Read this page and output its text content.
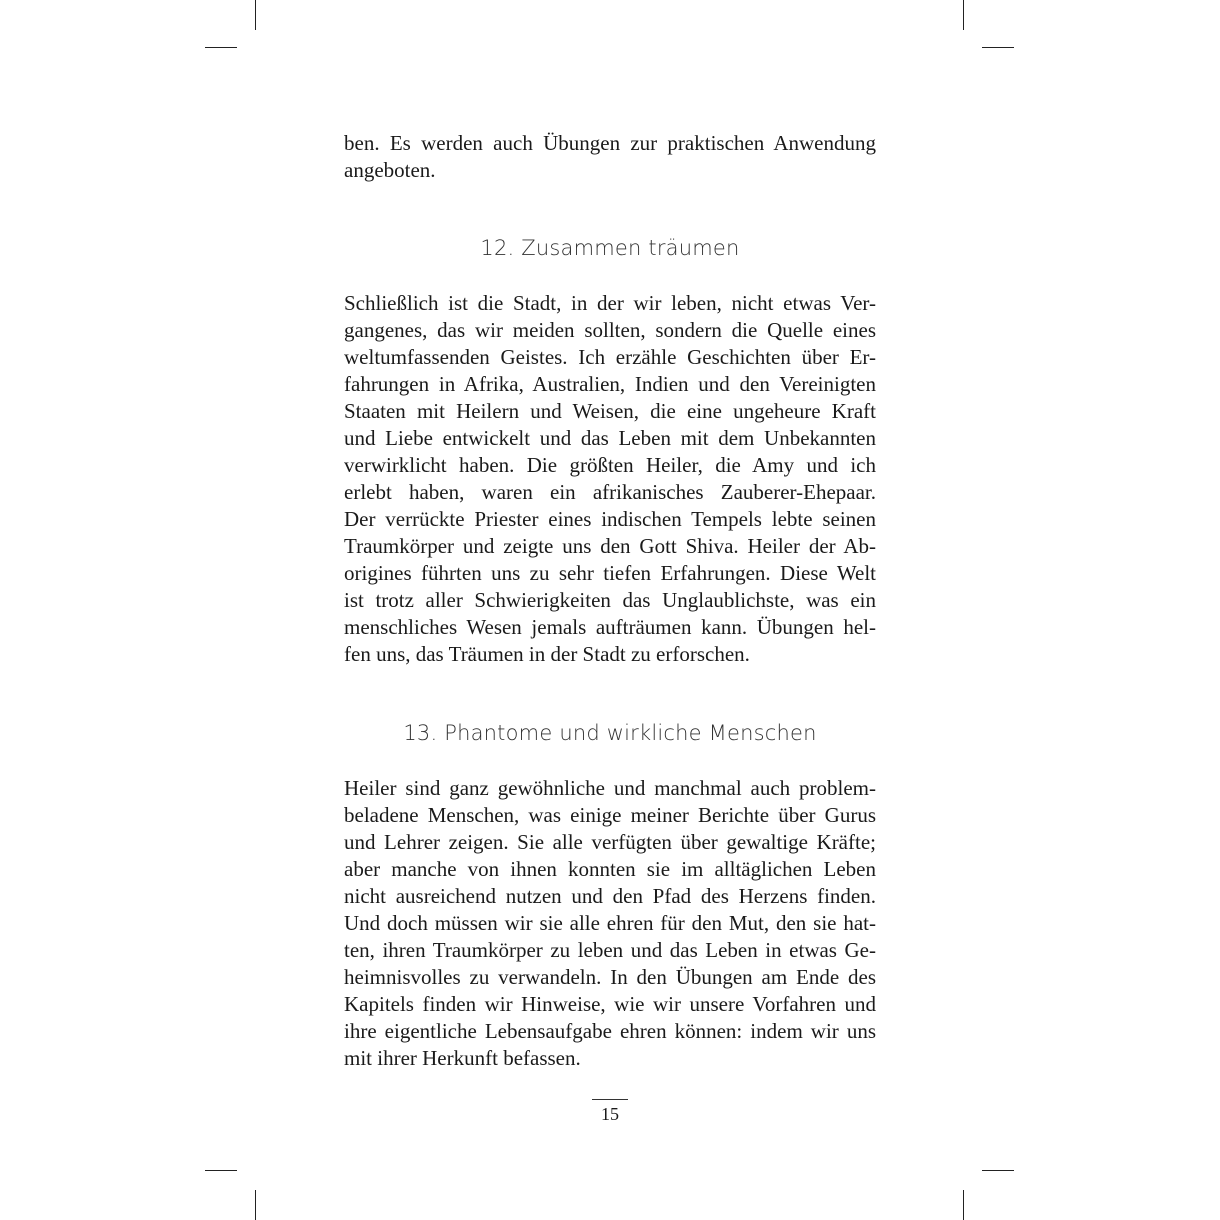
ben. Es werden auch Übungen zur praktischen Anwendung
angeboten.
12. Zusammen träumen
Schließlich ist die Stadt, in der wir leben, nicht etwas Ver-
gangenes, das wir meiden sollten, sondern die Quelle eines
weltumfassenden Geistes. Ich erzähle Geschichten über Er-
fahrungen in Afrika, Australien, Indien und den Vereinigten
Staaten mit Heilern und Weisen, die eine ungeheure Kraft
und Liebe entwickelt und das Leben mit dem Unbekannten
verwirklicht haben. Die größten Heiler, die Amy und ich
erlebt haben, waren ein afrikanisches Zauberer-Ehepaar.
Der verrückte Priester eines indischen Tempels lebte seinen
Traumkörper und zeigte uns den Gott Shiva. Heiler der Ab-
origines führten uns zu sehr tiefen Erfahrungen. Diese Welt
ist trotz aller Schwierigkeiten das Unglaublichste, was ein
menschliches Wesen jemals aufträumen kann. Übungen hel-
fen uns, das Träumen in der Stadt zu erforschen.
13. Phantome und wirkliche Menschen
Heiler sind ganz gewöhnliche und manchmal auch problem-
beladene Menschen, was einige meiner Berichte über Gurus
und Lehrer zeigen. Sie alle verfügten über gewaltige Kräfte;
aber manche von ihnen konnten sie im alltäglichen Leben
nicht ausreichend nutzen und den Pfad des Herzens finden.
Und doch müssen wir sie alle ehren für den Mut, den sie hat-
ten, ihren Traumkörper zu leben und das Leben in etwas Ge-
heimnisvolles zu verwandeln. In den Übungen am Ende des
Kapitels finden wir Hinweise, wie wir unsere Vorfahren und
ihre eigentliche Lebensaufgabe ehren können: indem wir uns
mit ihrer Herkunft befassen.
15
